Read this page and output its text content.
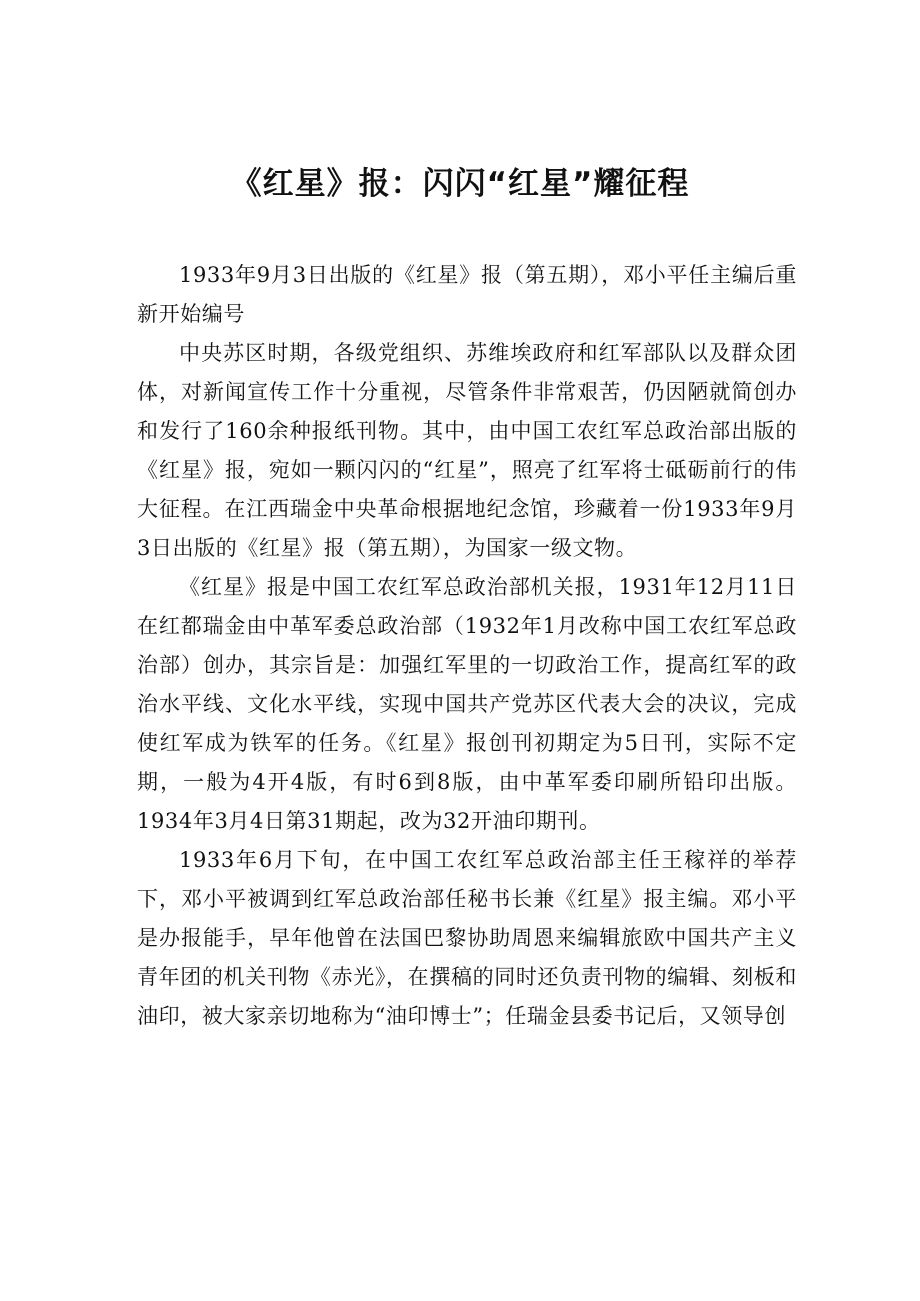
《红星》报：闪闪“红星”耀征程

1933年9月3日出版的《红星》报（第五期），邓小平任主编后重新开始编号

中央苏区时期，各级党组织、苏维埃政府和红军部队以及群众团体，对新闻宣传工作十分重视，尽管条件非常艰苦，仍因陋就简创办和发行了160余种报纸刊物。其中，由中国工农红军总政治部出版的《红星》报，宛如一颗闪闪的“红星”，照亮了红军将士砥砺前行的伟大征程。在江西瑞金中央革命根据地纪念馆，珍藏着一份1933年9月3日出版的《红星》报（第五期），为国家一级文物。

《红星》报是中国工农红军总政治部机关报，1931年12月11日在红都瑞金由中革军委总政治部（1932年1月改称中国工农红军总政治部）创办，其宗旨是：加强红军里的一切政治工作，提高红军的政治水平线、文化水平线，实现中国共产党苏区代表大会的决议，完成使红军成为铁军的任务。《红星》报创刊初期定为5日刊，实际不定期，一般为4开4版，有时6到8版，由中革军委印刷所铅印出版。1934年3月4日第31期起，改为32开油印期刊。

1933年6月下旬，在中国工农红军总政治部主任王稼祥的举荐下，邓小平被调到红军总政治部任秘书长兼《红星》报主编。邓小平是办报能手，早年他曾在法国巴黎协助周恩来编辑旅欧中国共产主义青年团的机关刊物《赤光》，在撰稿的同时还负责刊物的编辑、刻板和油印，被大家亲切地称为“油印博士”；任瑞金县委书记后，又领导创
